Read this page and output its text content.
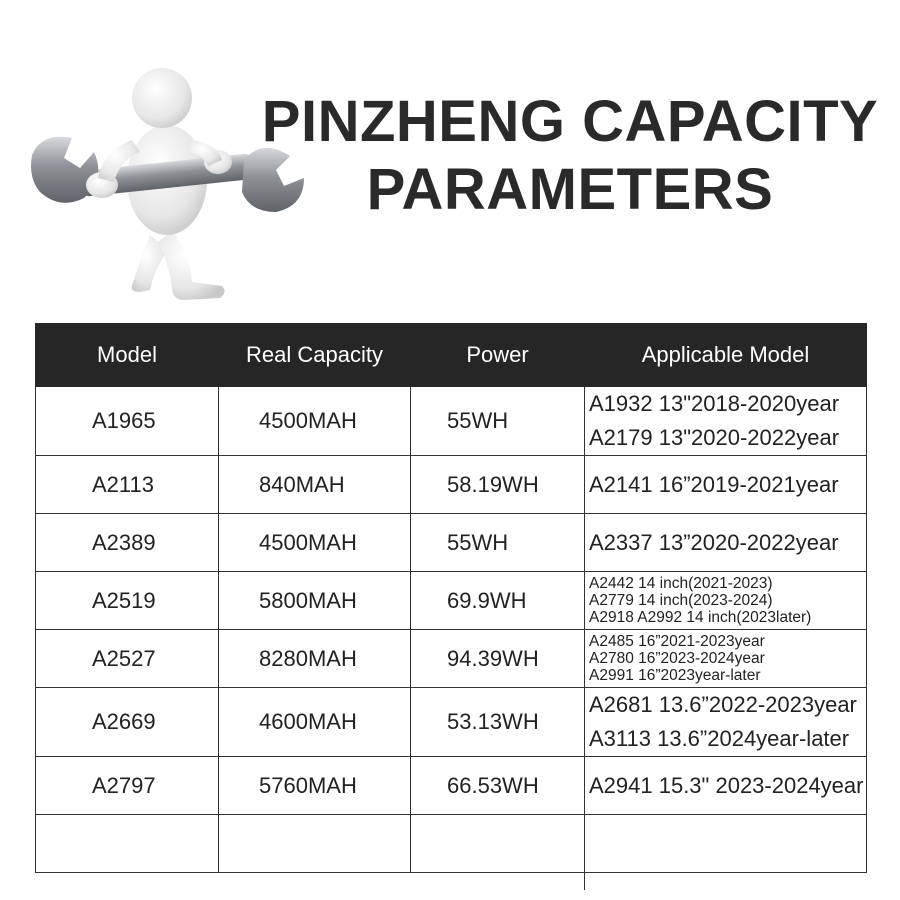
PINZHENG CAPACITY
PARAMETERS
Model	Real Capacity	Power	Applicable Model
A1965	4500MAH	55WH	A1932 13"2018-2020year
A2179 13"2020-2022year

A2113	840MAH	58.19WH	A2141 16”2019-2021year

A2389	4500MAH	55WH	A2337 13”2020-2022year

A2519	5800MAH	69.9WH	A2442 14 inch(2021-2023)
A2779 14 inch(2023-2024)
A2918 A2992 14 inch(2023later)

A2527	8280MAH	94.39WH	A2485 16”2021-2023year
A2780 16”2023-2024year
A2991 16”2023year-later

A2669	4600MAH	53.13WH	A2681 13.6”2022-2023year
A3113 13.6”2024year-later

A2797	5760MAH	66.53WH	A2941 15.3" 2023-2024year
